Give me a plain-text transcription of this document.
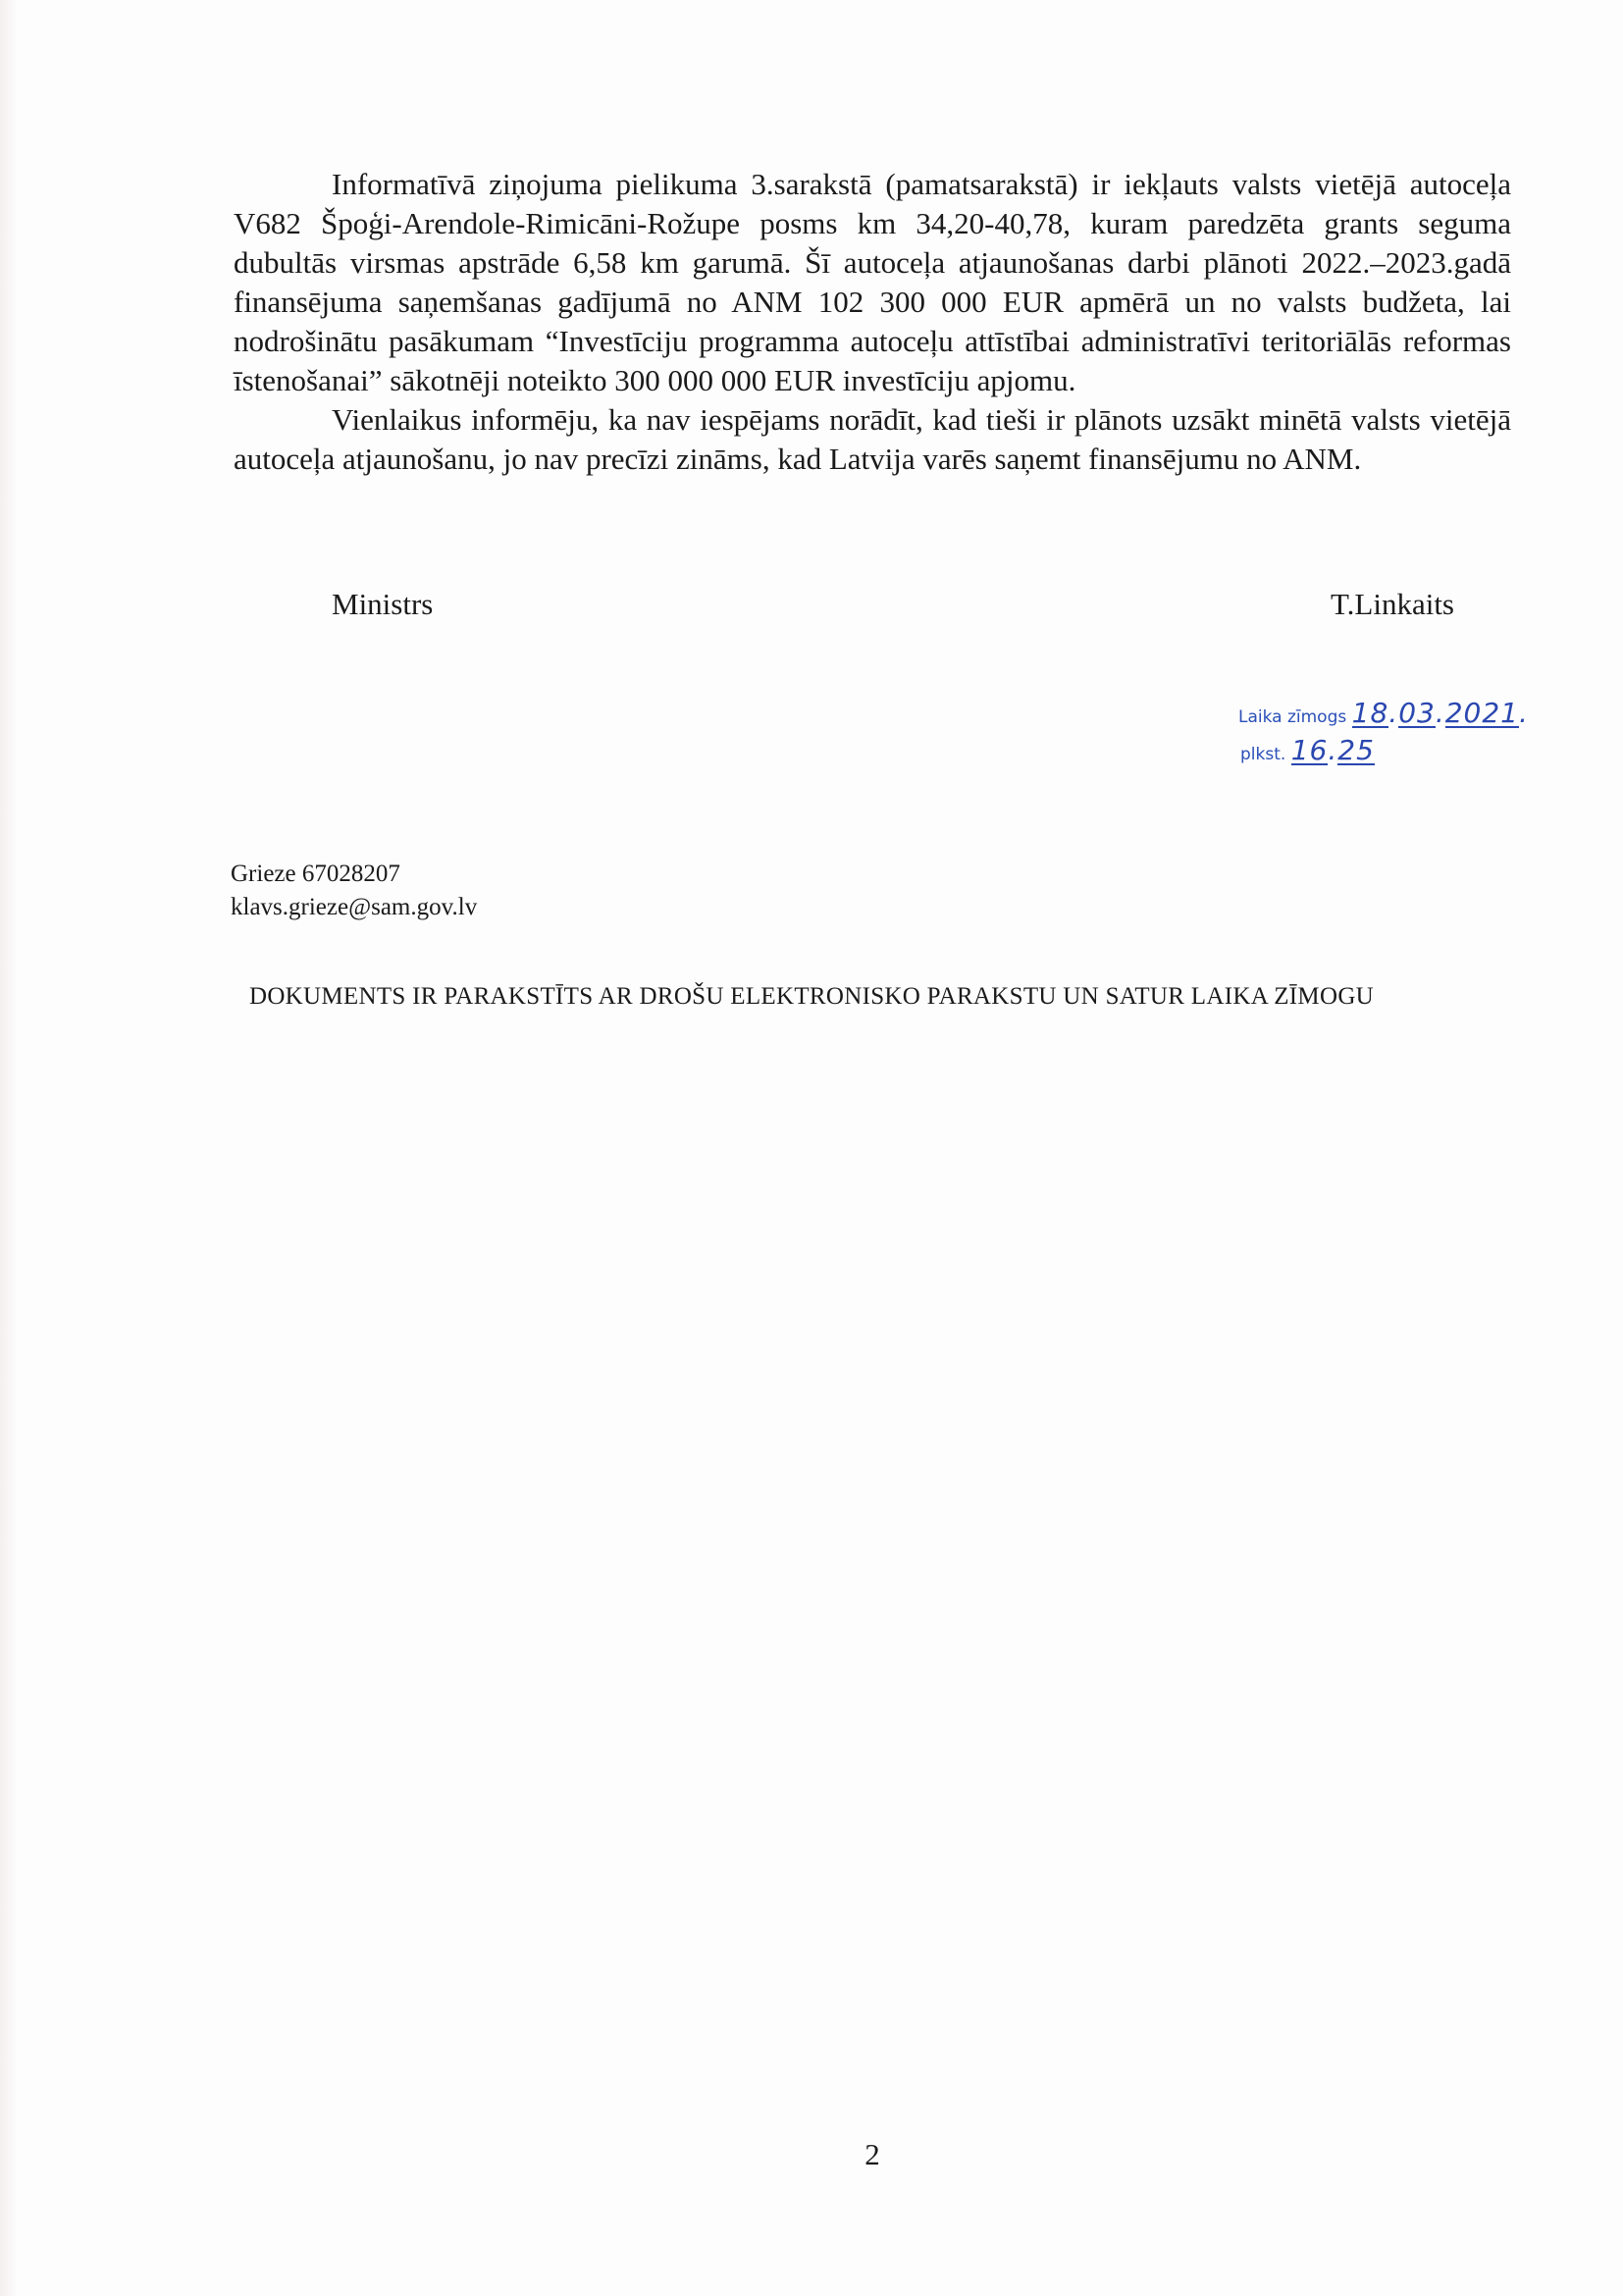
Informatīvā ziņojuma pielikuma 3.sarakstā (pamatsarakstā) ir iekļauts valsts vietējā autoceļa V682 Špoģi-Arendole-Rimicāni-Rožupe posms km 34,20-40,78, kuram paredzēta grants seguma dubultās virsmas apstrāde 6,58 km garumā. Šī autoceļa atjaunošanas darbi plānoti 2022.–2023.gadā finansējuma saņemšanas gadījumā no ANM 102 300 000 EUR apmērā un no valsts budžeta, lai nodrošinātu pasākumam “Investīciju programma autoceļu attīstībai administratīvi teritoriālās reformas īstenošanai” sākotnēji noteikto 300 000 000 EUR investīciju apjomu.

Vienlaikus informēju, ka nav iespējams norādīt, kad tieši ir plānots uzsākt minētā valsts vietējā autoceļa atjaunošanu, jo nav precīzi zināms, kad Latvija varēs saņemt finansējumu no ANM.

Ministrs	T.Linkaits
Laika zīmogs 18.03.2021.
plkst. 16.25
Grieze 67028207
klavs.grieze@sam.gov.lv
DOKUMENTS IR PARAKSTĪTS AR DROŠU ELEKTRONISKO PARAKSTU UN SATUR LAIKA ZĪMOGU
2
